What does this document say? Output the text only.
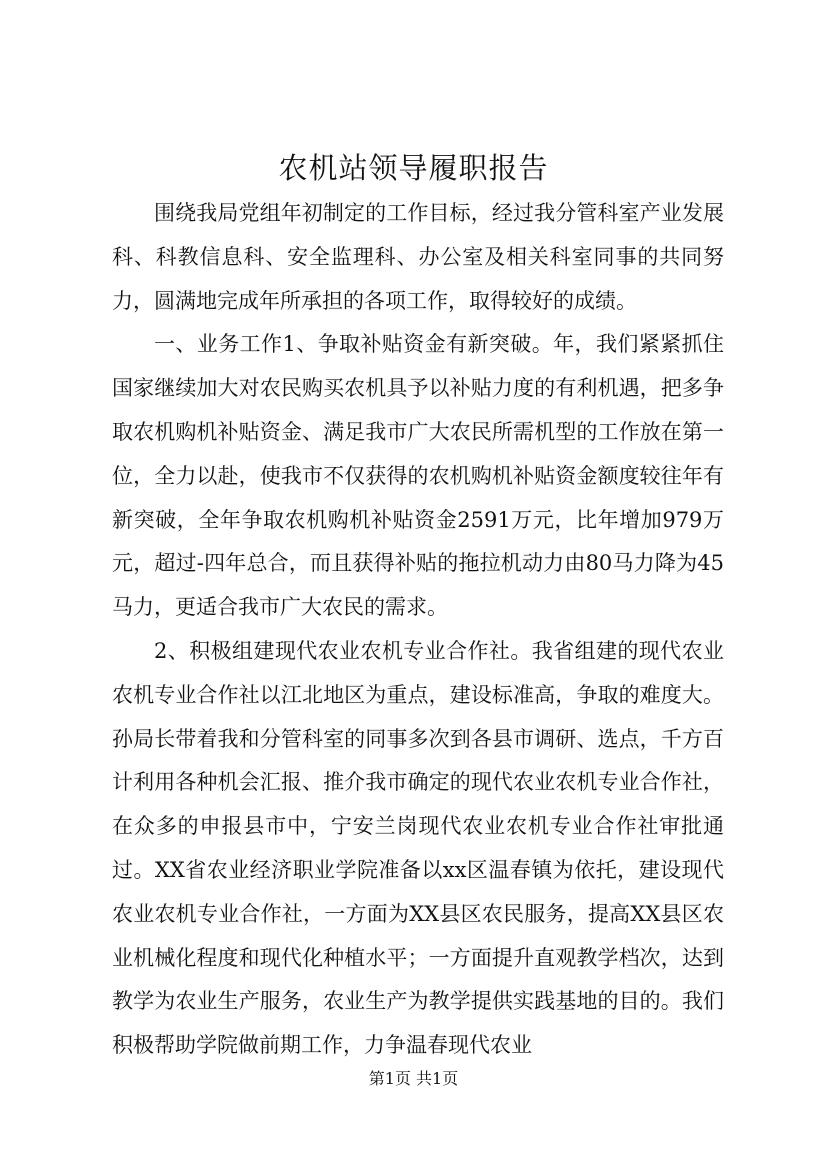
农机站领导履职报告

围绕我局党组年初制定的工作目标，经过我分管科室产业发展科、科教信息科、安全监理科、办公室及相关科室同事的共同努力，圆满地完成年所承担的各项工作，取得较好的成绩。

一、业务工作1、争取补贴资金有新突破。年，我们紧紧抓住国家继续加大对农民购买农机具予以补贴力度的有利机遇，把多争取农机购机补贴资金、满足我市广大农民所需机型的工作放在第一位，全力以赴，使我市不仅获得的农机购机补贴资金额度较往年有新突破，全年争取农机购机补贴资金2591万元，比年增加979万元，超过-四年总合，而且获得补贴的拖拉机动力由80马力降为45马力，更适合我市广大农民的需求。

2、积极组建现代农业农机专业合作社。我省组建的现代农业农机专业合作社以江北地区为重点，建设标准高，争取的难度大。孙局长带着我和分管科室的同事多次到各县市调研、选点，千方百计利用各种机会汇报、推介我市确定的现代农业农机专业合作社，在众多的申报县市中，宁安兰岗现代农业农机专业合作社审批通过。XX省农业经济职业学院准备以xx区温春镇为依托，建设现代农业农机专业合作社，一方面为XX县区农民服务，提高XX县区农业机械化程度和现代化种植水平；一方面提升直观教学档次，达到教学为农业生产服务，农业生产为教学提供实践基地的目的。我们积极帮助学院做前期工作，力争温春现代农业

第1页 共1页
